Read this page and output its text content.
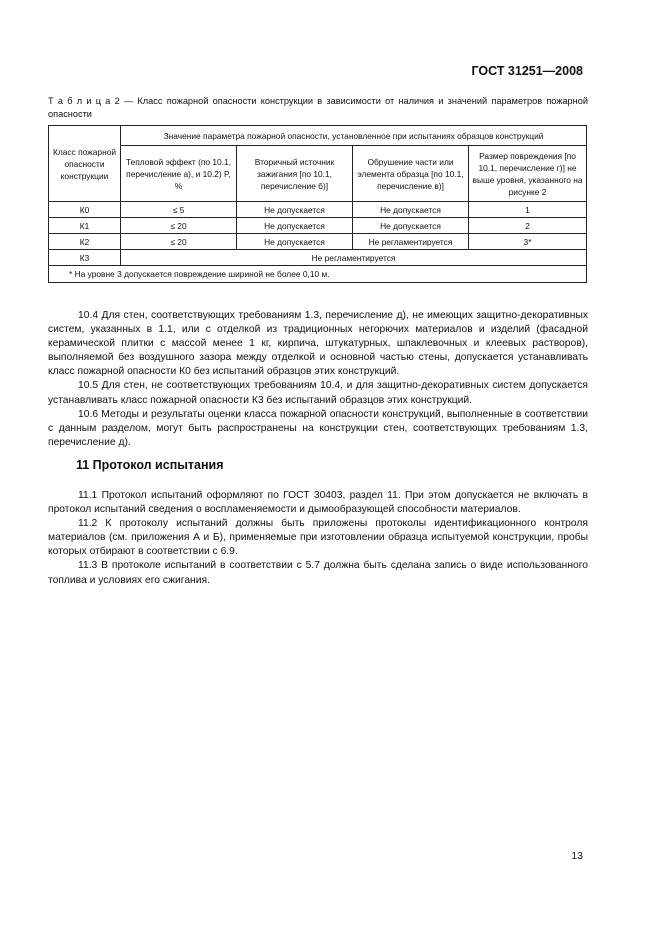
ГОСТ 31251—2008
Т а б л и ц а 2 — Класс пожарной опасности конструкции в зависимости от наличия и значений параметров пожарной опасности
Класс пожарной опасности конструкции	Значение параметра пожарной опасности, установленное при испытаниях образцов конструкций			
	Тепловой эффект (по 10.1, перечисление а), и 10.2) P, %	Вторичный источник зажигания [по 10.1, перечисление б)]	Обрушение части или элемента образца [по 10.1, перечисление в)]	Размер повреждения [по 10.1, перечисление г)] не выше уровня, указанного на рисунке 2
К0	≤ 5	Не допускается	Не допускается	1
К1	≤ 20	Не допускается	Не допускается	2
К2	≤ 20	Не допускается	Не регламентируется	3*
К3	Не регламентируется			
* На уровне 3 допускается повреждение шириной не более 0,10 м.				

10.4 Для стен, соответствующих требованиям 1.3, перечисление д), не имеющих защитно-декоративных систем, указанных в 1.1, или с отделкой из традиционных негорючих материалов и изделий (фасадной керамической плитки с массой менее 1 кг, кирпича, штукатурных, шпаклевочных и клеевых растворов), выполняемой без воздушного зазора между отделкой и основной частью стены, допускается устанавливать класс пожарной опасности К0 без испытаний образцов этих конструкций.

10.5 Для стен, не соответствующих требованиям 10.4, и для защитно-декоративных систем допускается устанавливать класс пожарной опасности К3 без испытаний образцов этих конструкций.

10.6 Методы и результаты оценки класса пожарной опасности конструкций, выполненные в соответствии с данным разделом, могут быть распространены на конструкции стен, соответствующих требованиям 1.3, перечисление д).

11 Протокол испытания

11.1 Протокол испытаний оформляют по ГОСТ 30403, раздел 11. При этом допускается не включать в протокол испытаний сведения о воспламеняемости и дымообразующей способности материалов.

11.2 К протоколу испытаний должны быть приложены протоколы идентификационного контроля материалов (см. приложения А и Б), применяемые при изготовлении образца испытуемой конструкции, пробы которых отбирают в соответствии с 6.9.

11.3 В протоколе испытаний в соответствии с 5.7 должна быть сделана запись о виде использованного топлива и условиях его сжигания.

13
